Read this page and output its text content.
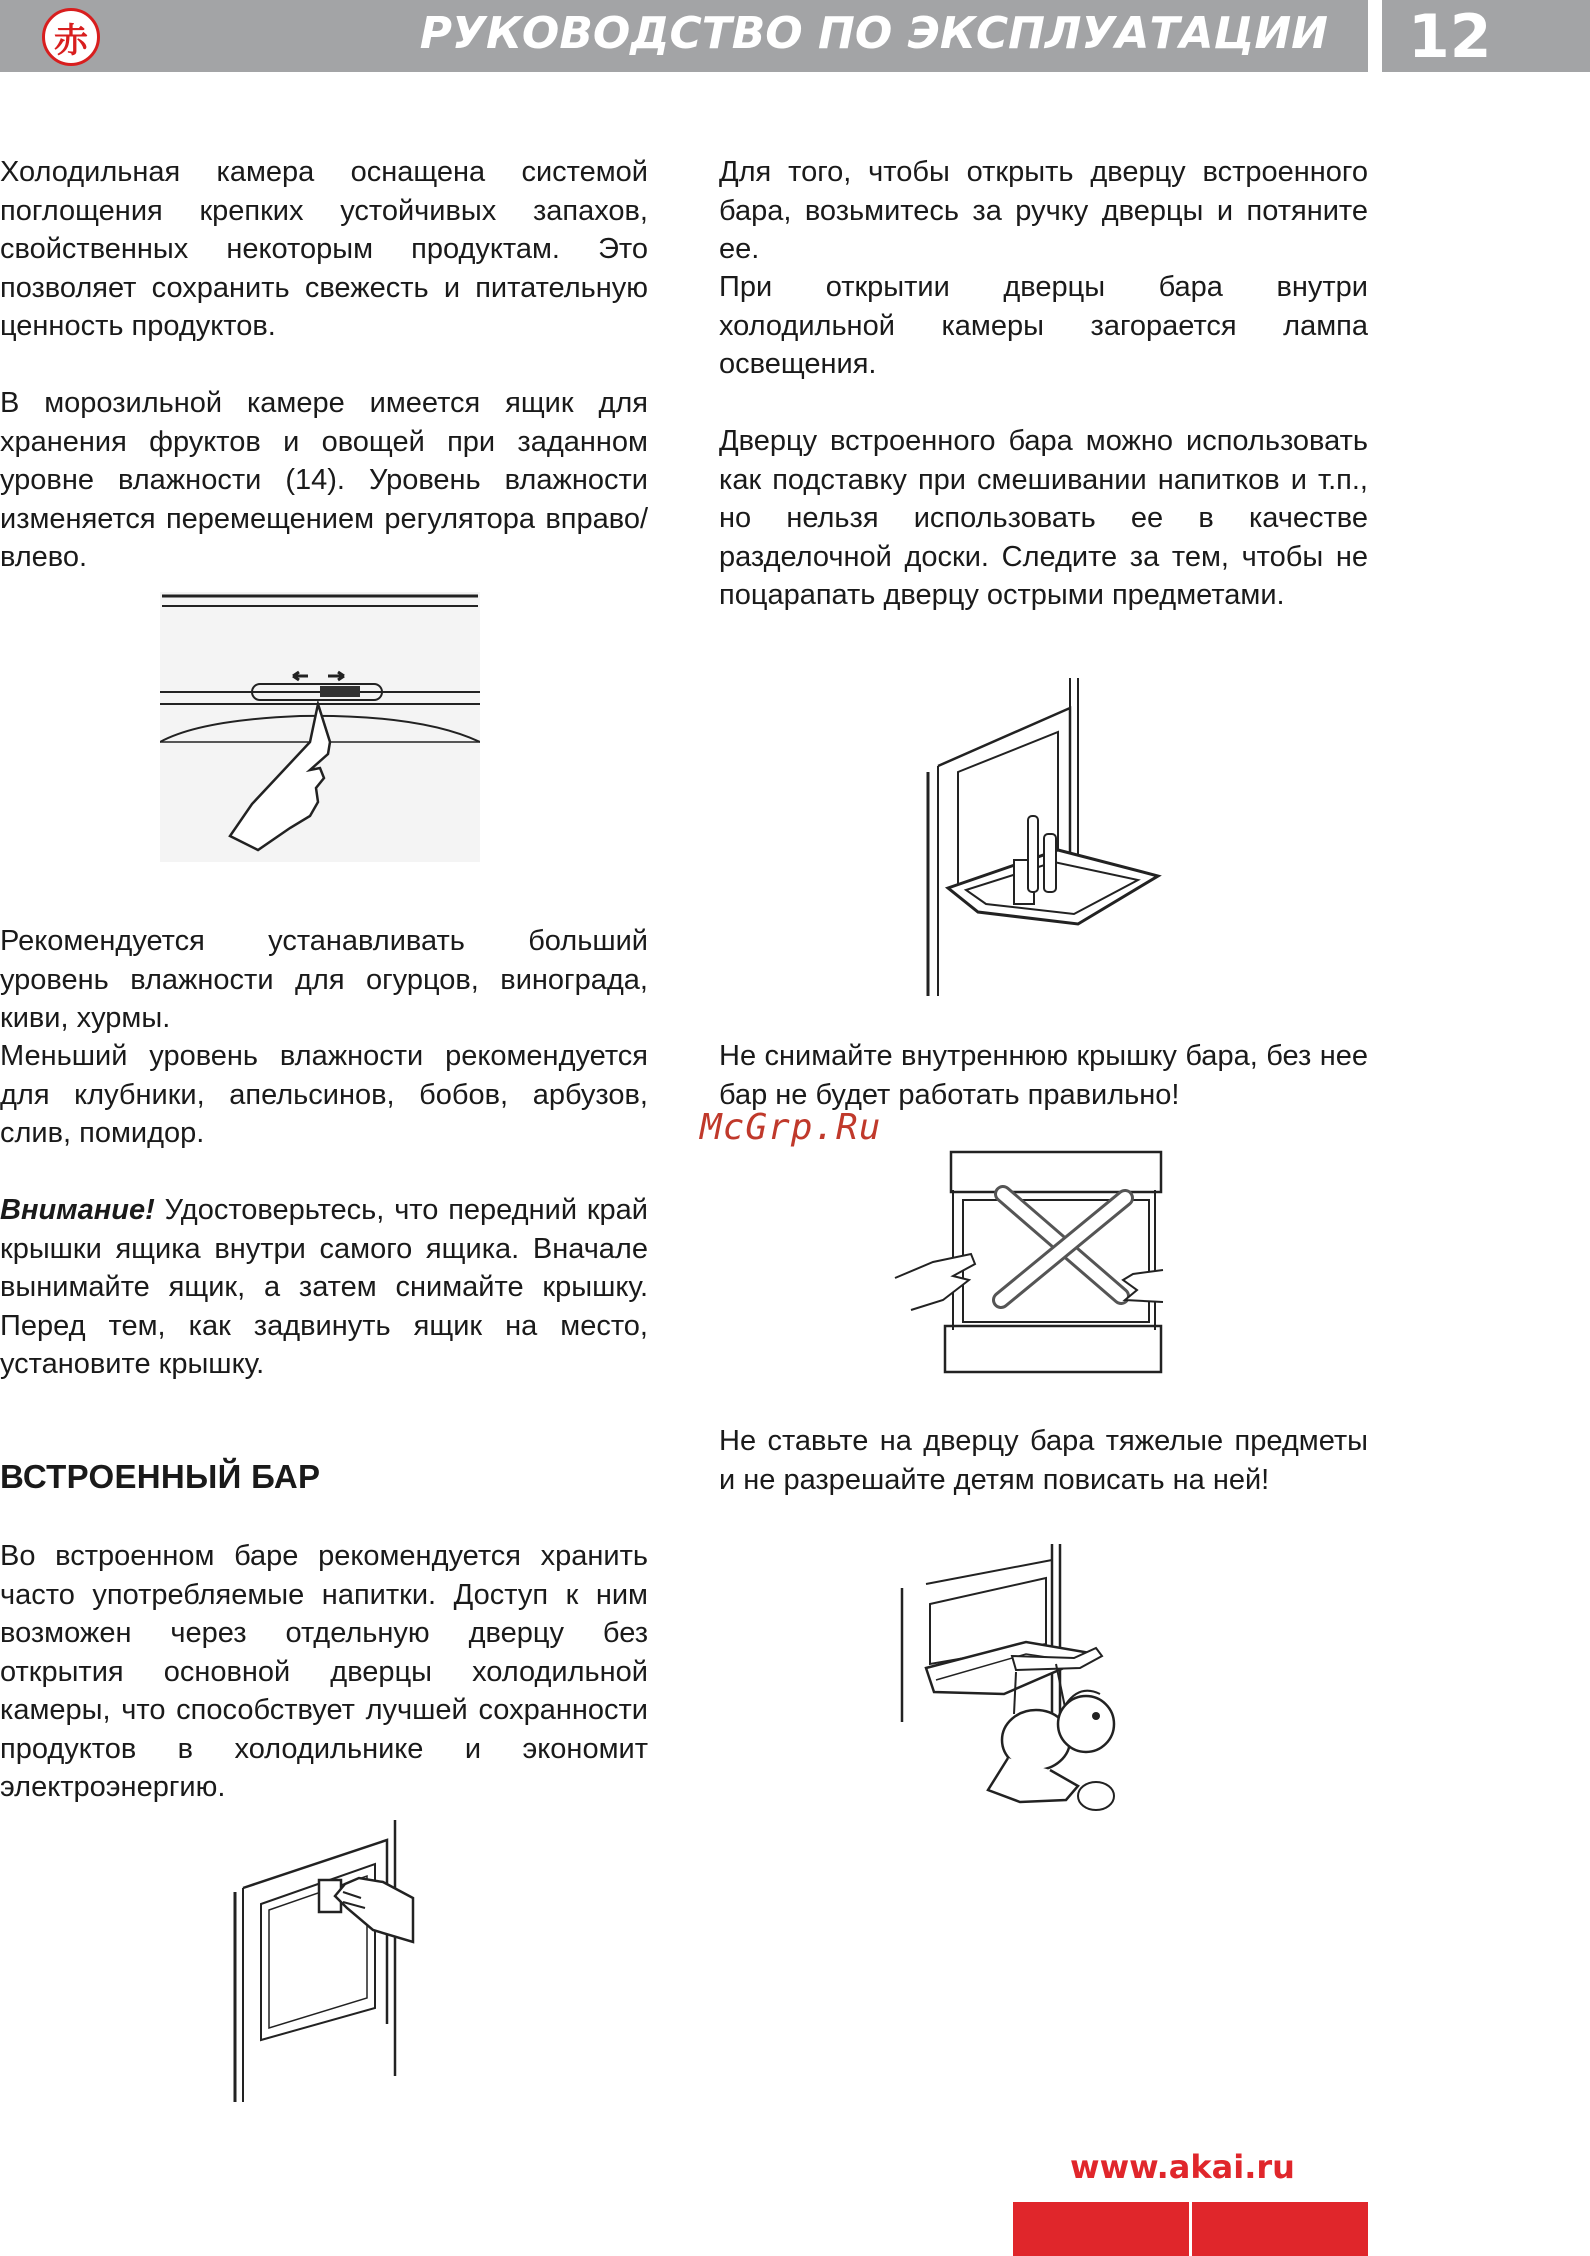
赤	РУКОВОДСТВО ПО ЭКСПЛУАТАЦИИ 12

Холодильная камера оснащена системой поглощения крепких устойчивых запахов, свойственных некоторым продуктам. Это позволяет сохранить свежесть и питательную ценность продуктов.

В морозильной камере имеется ящик для хранения фруктов и овощей при заданном уровне влажности (14). Уровень влажности изменяется перемещением регулятора вправо/влево.

Рекомендуется устанавливать больший уровень влажности для огурцов, винограда, киви, хурмы.

Меньший уровень влажности рекомендуется для клубники, апельсинов, бобов, арбузов, слив, помидор.

Внимание! Удостоверьтесь, что передний край крышки ящика внутри самого ящика. Вначале вынимайте ящик, а затем снимайте крышку. Перед тем, как задвинуть ящик на место, установите крышку.

ВСТРОЕННЫЙ БАР

Во встроенном баре рекомендуется хранить часто употребляемые напитки. Доступ к ним возможен через отдельную дверцу без открытия основной дверцы холодильной камеры, что способствует лучшей сохранности продуктов в холодильнике и экономит электроэнергию.

Для того, чтобы открыть дверцу встроенного бара, возьмитесь за ручку дверцы и потяните ее.

При открытии дверцы бара внутри холодильной камеры загорается лампа освещения.

Дверцу встроенного бара можно использовать как подставку при смешивании напитков и т.п., но нельзя использовать ее в качестве разделочной доски. Следите за тем, чтобы не поцарапать дверцу острыми предметами.

Не снимайте внутреннюю крышку бара, без нее бар не будет работать правильно!

Не ставьте на дверцу бара тяжелые предметы и не разрешайте детям повисать на ней!

McGrp.Ru
www.akai.ru
